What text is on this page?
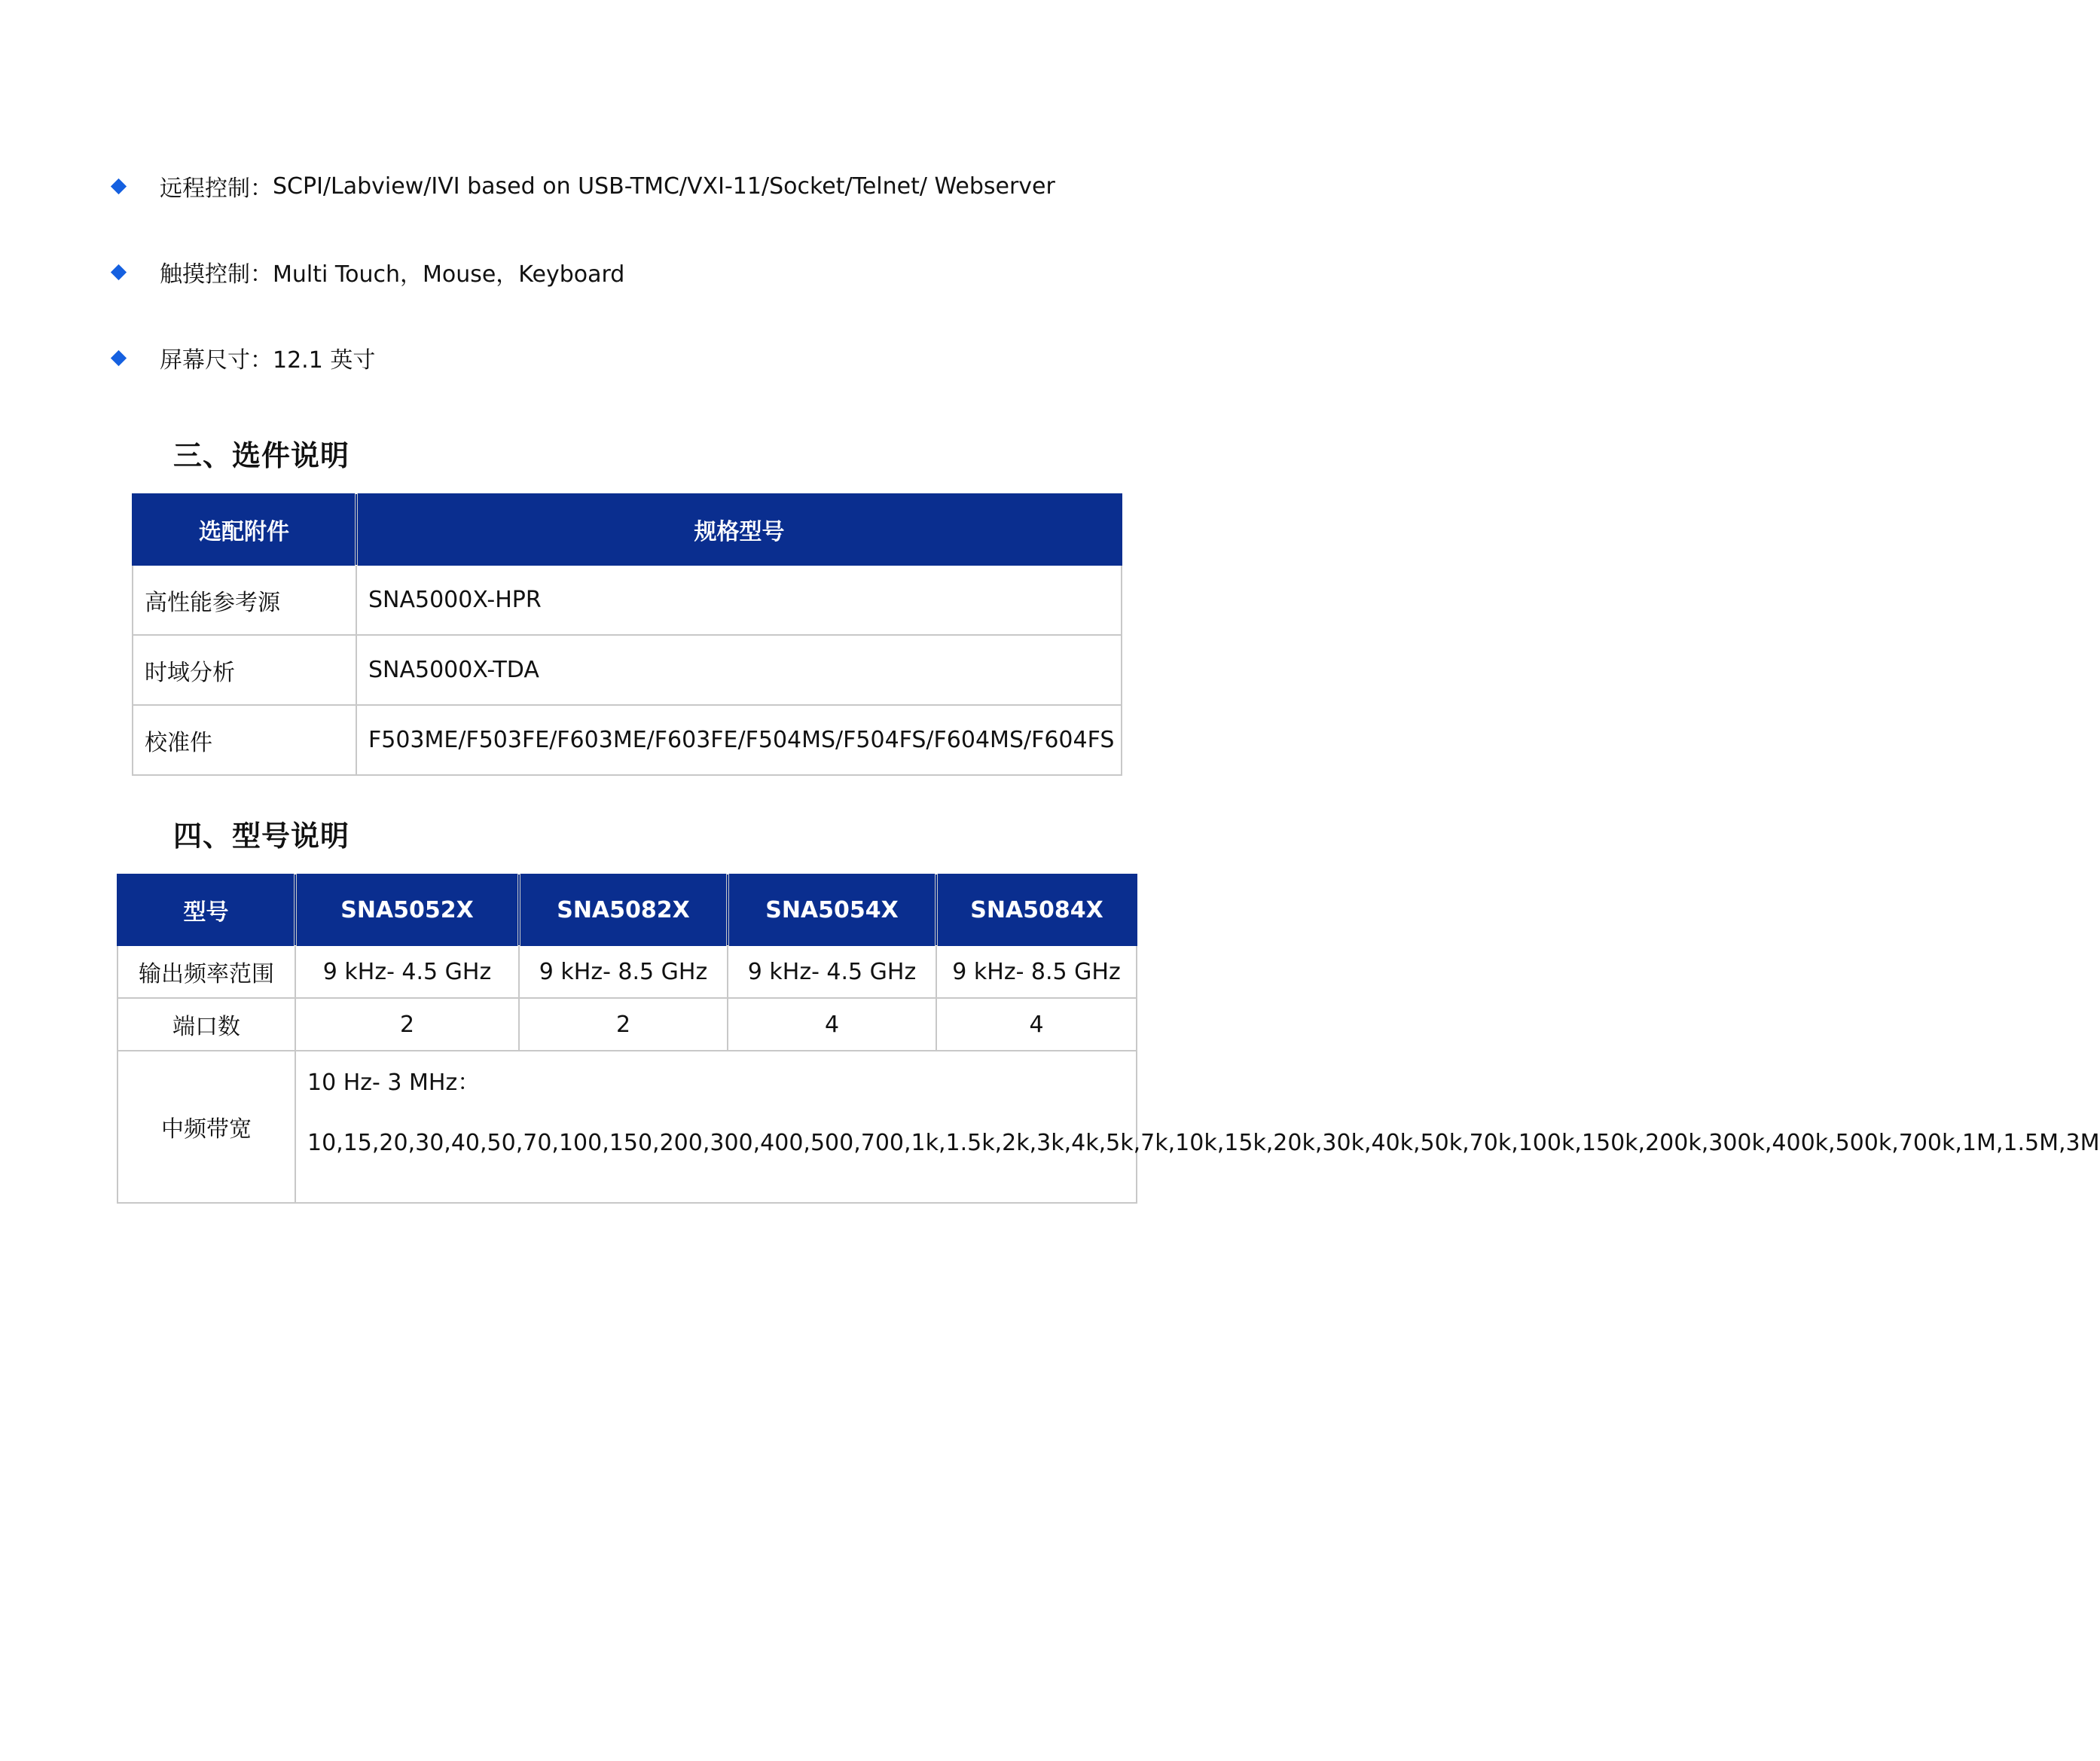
远程控制： SCPI/Labview/IVI based on USB-TMC/VXI-11/Socket/Telnet/ Webserver
触摸控制： Multi Touch，Mouse，Keyboard
屏幕尺寸： 12.1 英寸
三、选件说明
选配附件	规格型号
高性能参考源	SNA5000X-HPR
时域分析	SNA5000X-TDA
校准件	F503ME/F503FE/F603ME/F603FE/F504MS/F504FS/F604MS/F604FS
四、型号说明
型号	SNA5052X	SNA5082X	SNA5054X	SNA5084X
输出频率范围	9 kHz- 4.5 GHz	9 kHz- 8.5 GHz	9 kHz- 4.5 GHz	9 kHz- 8.5 GHz
端口数	2	2	4	4
中频带宽	10 Hz- 3 MHz：
10,15,20,30,40,50,70,100,150,200,300,400,500,700,1k,1.5k,2k,3k,4k,5k,7k,10k,15k,20k,30k,40k,50k,70k,100k,150k,200k,300k,400k,500k,700k,1M,1.5M,3M			
